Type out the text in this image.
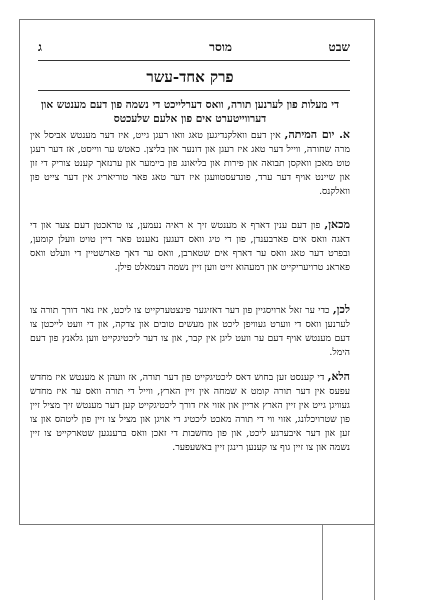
שבט
מוסר
ג
פרק אחד-עשר
די מעלות פון לערנען תורה, וואס דערלייכט די נשמה פון דעם מענטש און דערווייטערט אים פון אלעם שלעכטס
א. יום המיתה, אין דעם וואלקנדיגען טאג וואו רעגן גייט, איז דער מענטש אביסל אין מרה שחורה, ווייל דער טאג איז רעגן און דונער און בליצן. כאטש ער ווייסט, אז דער רעגן טוט מאכן וואקסן תבואה און פירות און בליאונג פון ביימער און ערנזאך קענט צוריק די זון און שיינט אויף דער ערד, פונדעסטוועגן איז דער טאג פאר טוריאריג אין דער צייט פון וואלקנס.
מכאן, פון דעם ענין דארף א מענטש זיך א ראיה נעמען, צו טראכטן דעם צער און די דאגה וואס אים פארבענדן, פון די טיג וואס דעגען נאענט פאר דיין טויט וועלן קומען, ובפרט דער טאג וואס ער דארף אים שטארבן, וואס ער דאך פארשטיין די וועלט וואס פאראנ טרויעריקייט און דמעהוא זייט ווען זיין נשמה דעמאלט פילן.
לכן, כדי ער זאל ארויסגיין פון דער דאזיגער פינצטערקייט צו ליכט, איז נאר דורך תורה צו לערנען וואס די ווערט געוויפן ליכט און מעשים טובים און צדקה, און די וועט לייכטן צו דעם מענטש אויף דעם ער וועט ליגן אין קבר, און צו דער ליכטיגקייט ווען גלאנץ פון דעם הימל.
הלא, די קענסט זען בחוש דאס ליכטיגקייט פון דער תורה, אז וועהן א מענטש איז מחדש עפעס אין דער תורה קומט א שמחה אין זיין הארץ, ווייל די תורה וואס ער איז מחדש געוויגן גייט אין זיין הארץ אריין און אזוי איז דורך ליכטיגקייט קען דער מענטש זיך מציל זיין פון שטרויכלונג, אזוי ווי די תורה מאכט ליכטיג די אויגן און מציל צו זיין פון ליטהס און צו זען און דער איבערגע ליכט, און פון מחשבות די זאכן וואס ברענגען שטארקייט צו זיין נשמה און צו זיין גוף צו קענען רינגן זיין באשעפער.
